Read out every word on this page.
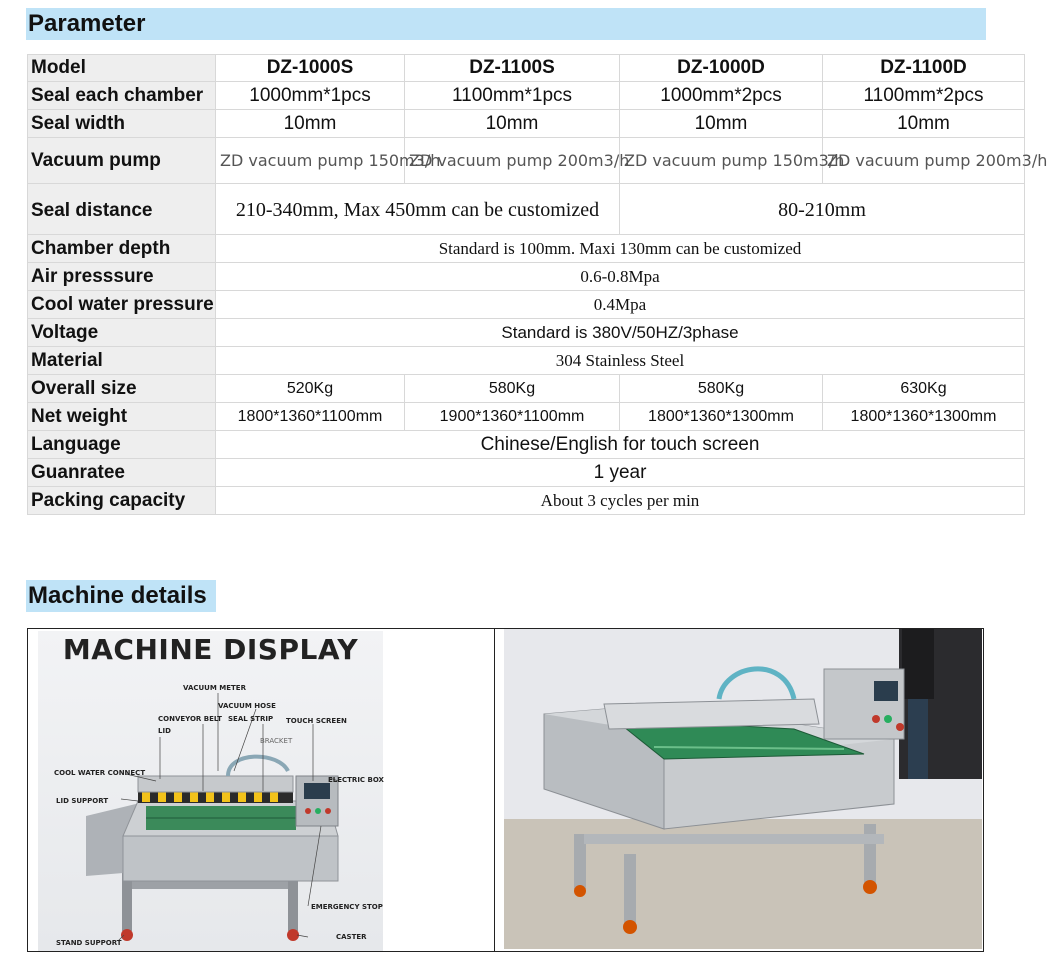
Parameter
Model	DZ-1000S	DZ-1100S	DZ-1000D	DZ-1100D
Seal each chamber	1000mm*1pcs	1100mm*1pcs	1000mm*2pcs	1100mm*2pcs
Seal width	10mm	10mm	10mm	10mm
Vacuum pump	ZD vacuum pump 150m3/h	ZD vacuum pump 200m3/h	ZD vacuum pump 150m3/h	ZD vacuum pump 200m3/h
Seal distance	210-340mm, Max 450mm can be customized		80-210mm	
Chamber depth	Standard is 100mm. Maxi 130mm can be customized			
Air presssure	0.6-0.8Mpa			
Cool water pressure	0.4Mpa			
Voltage	Standard is 380V/50HZ/3phase			
Material	304 Stainless Steel			
Overall size	520Kg	580Kg	580Kg	630Kg
Net weight	1800*1360*1100mm	1900*1360*1100mm	1800*1360*1300mm	1800*1360*1300mm
Language	Chinese/English for touch screen			
Guanratee	1 year			
Packing capacity	About 3 cycles per min			
Machine details
MACHINE DISPLAY
VACUUM METER
VACUUM HOSE
CONVEYOR BELT SEAL STRIP TOUCH SCREEN
LID
BRACKET
COOL WATER CONNECT
ELECTRIC BOX
LID SUPPORT
EMERGENCY STOP
STAND SUPPORT
CASTER
